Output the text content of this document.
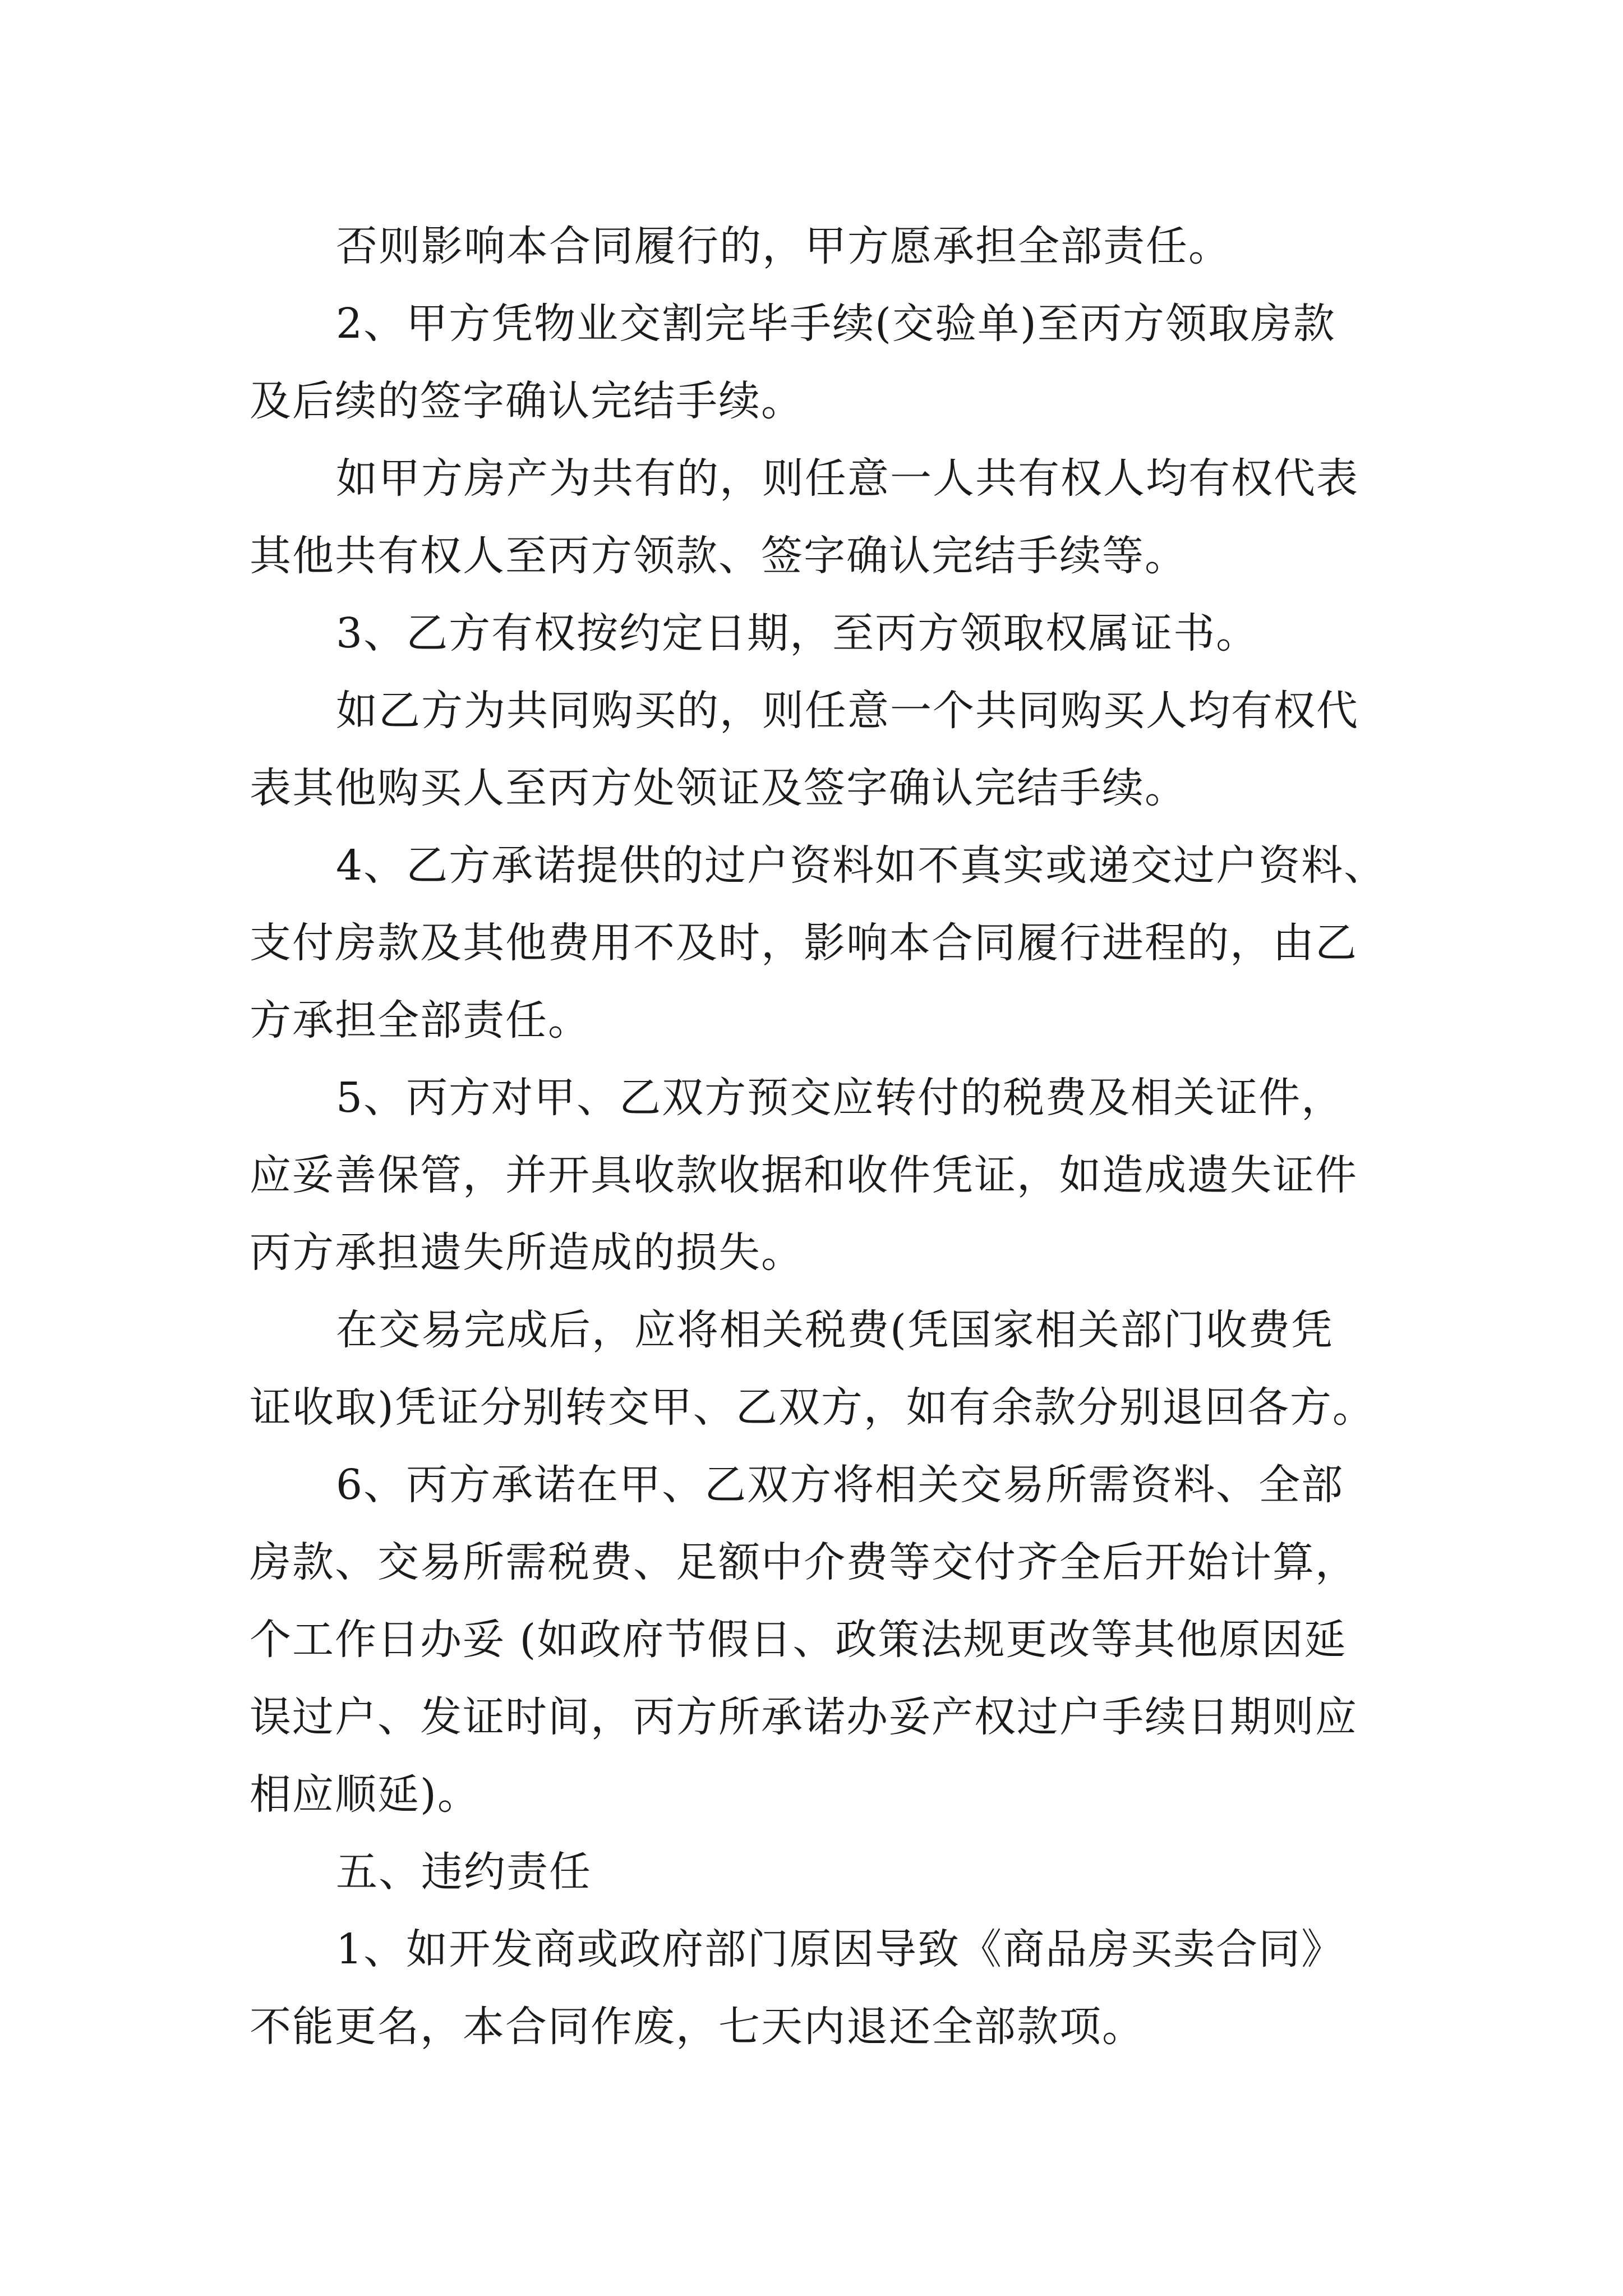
否则影响本合同履行的，甲方愿承担全部责任。

2、甲方凭物业交割完毕手续(交验单)至丙方领取房款
及后续的签字确认完结手续。

如甲方房产为共有的，则任意一人共有权人均有权代表
其他共有权人至丙方领款、签字确认完结手续等。

3、乙方有权按约定日期，至丙方领取权属证书。

如乙方为共同购买的，则任意一个共同购买人均有权代
表其他购买人至丙方处领证及签字确认完结手续。

4、乙方承诺提供的过户资料如不真实或递交过户资料、
支付房款及其他费用不及时，影响本合同履行进程的，由乙
方承担全部责任。

5、丙方对甲、乙双方预交应转付的税费及相关证件，
应妥善保管，并开具收款收据和收件凭证，如造成遗失证件
丙方承担遗失所造成的损失。

在交易完成后，应将相关税费(凭国家相关部门收费凭
证收取)凭证分别转交甲、乙双方，如有余款分别退回各方。

6、丙方承诺在甲、乙双方将相关交易所需资料、全部
房款、交易所需税费、足额中介费等交付齐全后开始计算，
个工作日办妥 (如政府节假日、政策法规更改等其他原因延
误过户、发证时间，丙方所承诺办妥产权过户手续日期则应
相应顺延)。

五、违约责任

1、如开发商或政府部门原因导致《商品房买卖合同》
不能更名，本合同作废，七天内退还全部款项。
